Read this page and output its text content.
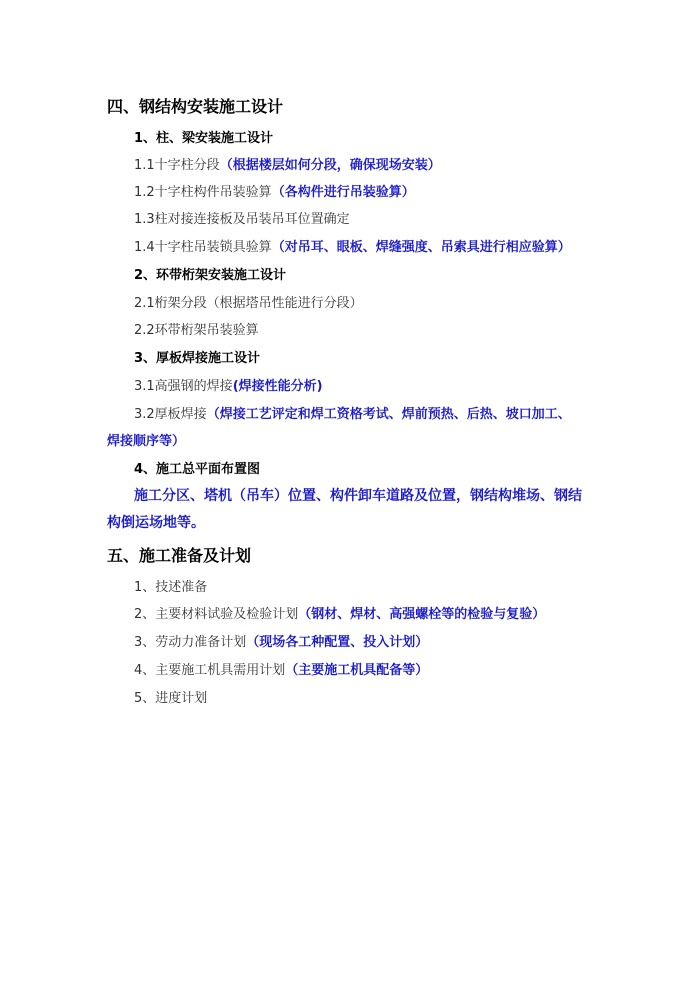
四、钢结构安装施工设计
1、柱、梁安装施工设计
1.1十字柱分段（根据楼层如何分段，确保现场安装）
1.2十字柱构件吊装验算（各构件进行吊装验算）
1.3柱对接连接板及吊装吊耳位置确定
1.4十字柱吊装锁具验算（对吊耳、眼板、焊缝强度、吊索具进行相应验算）
2、环带桁架安装施工设计
2.1桁架分段（根据塔吊性能进行分段）
2.2环带桁架吊装验算
3、厚板焊接施工设计
3.1高强钢的焊接(焊接性能分析)
3.2厚板焊接（焊接工艺评定和焊工资格考试、焊前预热、后热、坡口加工、
焊接顺序等）
4、施工总平面布置图
施工分区、塔机（吊车）位置、构件卸车道路及位置，钢结构堆场、钢结
构倒运场地等。
五、施工准备及计划
1、技述准备
2、主要材料试验及检验计划（钢材、焊材、高强螺栓等的检验与复验）
3、劳动力准备计划（现场各工种配置、投入计划）
4、主要施工机具需用计划（主要施工机具配备等）
5、进度计划
